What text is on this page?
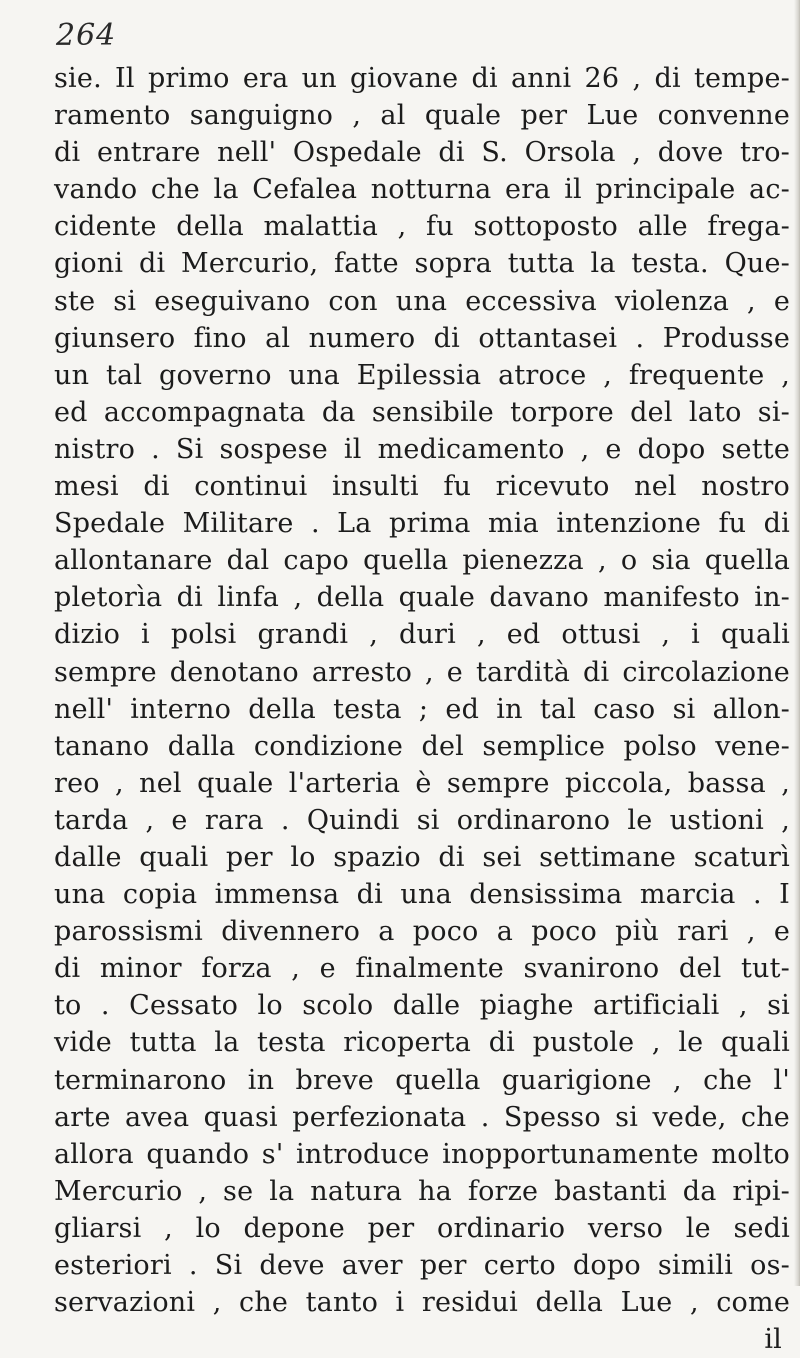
264
sie. Il primo era un giovane di anni 26 , di tempe-
ramento sanguigno , al quale per Lue convenne
di entrare nell' Ospedale di S. Orsola , dove tro-
vando che la Cefalea notturna era il principale ac-
cidente della malattia , fu sottoposto alle frega-
gioni di Mercurio, fatte sopra tutta la testa. Que-
ste si eseguivano con una eccessiva violenza , e
giunsero fino al numero di ottantasei . Produsse
un tal governo una Epilessia atroce , frequente ,
ed accompagnata da sensibile torpore del lato si-
nistro . Si sospese il medicamento , e dopo sette
mesi di continui insulti fu ricevuto nel nostro
Spedale Militare . La prima mia intenzione fu di
allontanare dal capo quella pienezza , o sia quella
pletorìa di linfa , della quale davano manifesto in-
dizio i polsi grandi , duri , ed ottusi , i quali
sempre denotano arresto , e tardità di circolazione
nell' interno della testa ; ed in tal caso si allon-
tanano dalla condizione del semplice polso vene-
reo , nel quale l'arteria è sempre piccola, bassa ,
tarda , e rara . Quindi si ordinarono le ustioni ,
dalle quali per lo spazio di sei settimane scaturì
una copia immensa di una densissima marcia . I
parossismi divennero a poco a poco più rari , e
di minor forza , e finalmente svanirono del tut-
to . Cessato lo scolo dalle piaghe artificiali , si
vide tutta la testa ricoperta di pustole , le quali
terminarono in breve quella guarigione , che l'
arte avea quasi perfezionata . Spesso si vede, che
allora quando s' introduce inopportunamente molto
Mercurio , se la natura ha forze bastanti da ripi-
gliarsi , lo depone per ordinario verso le sedi
esteriori . Si deve aver per certo dopo simili os-
servazioni , che tanto i residui della Lue , come
il
